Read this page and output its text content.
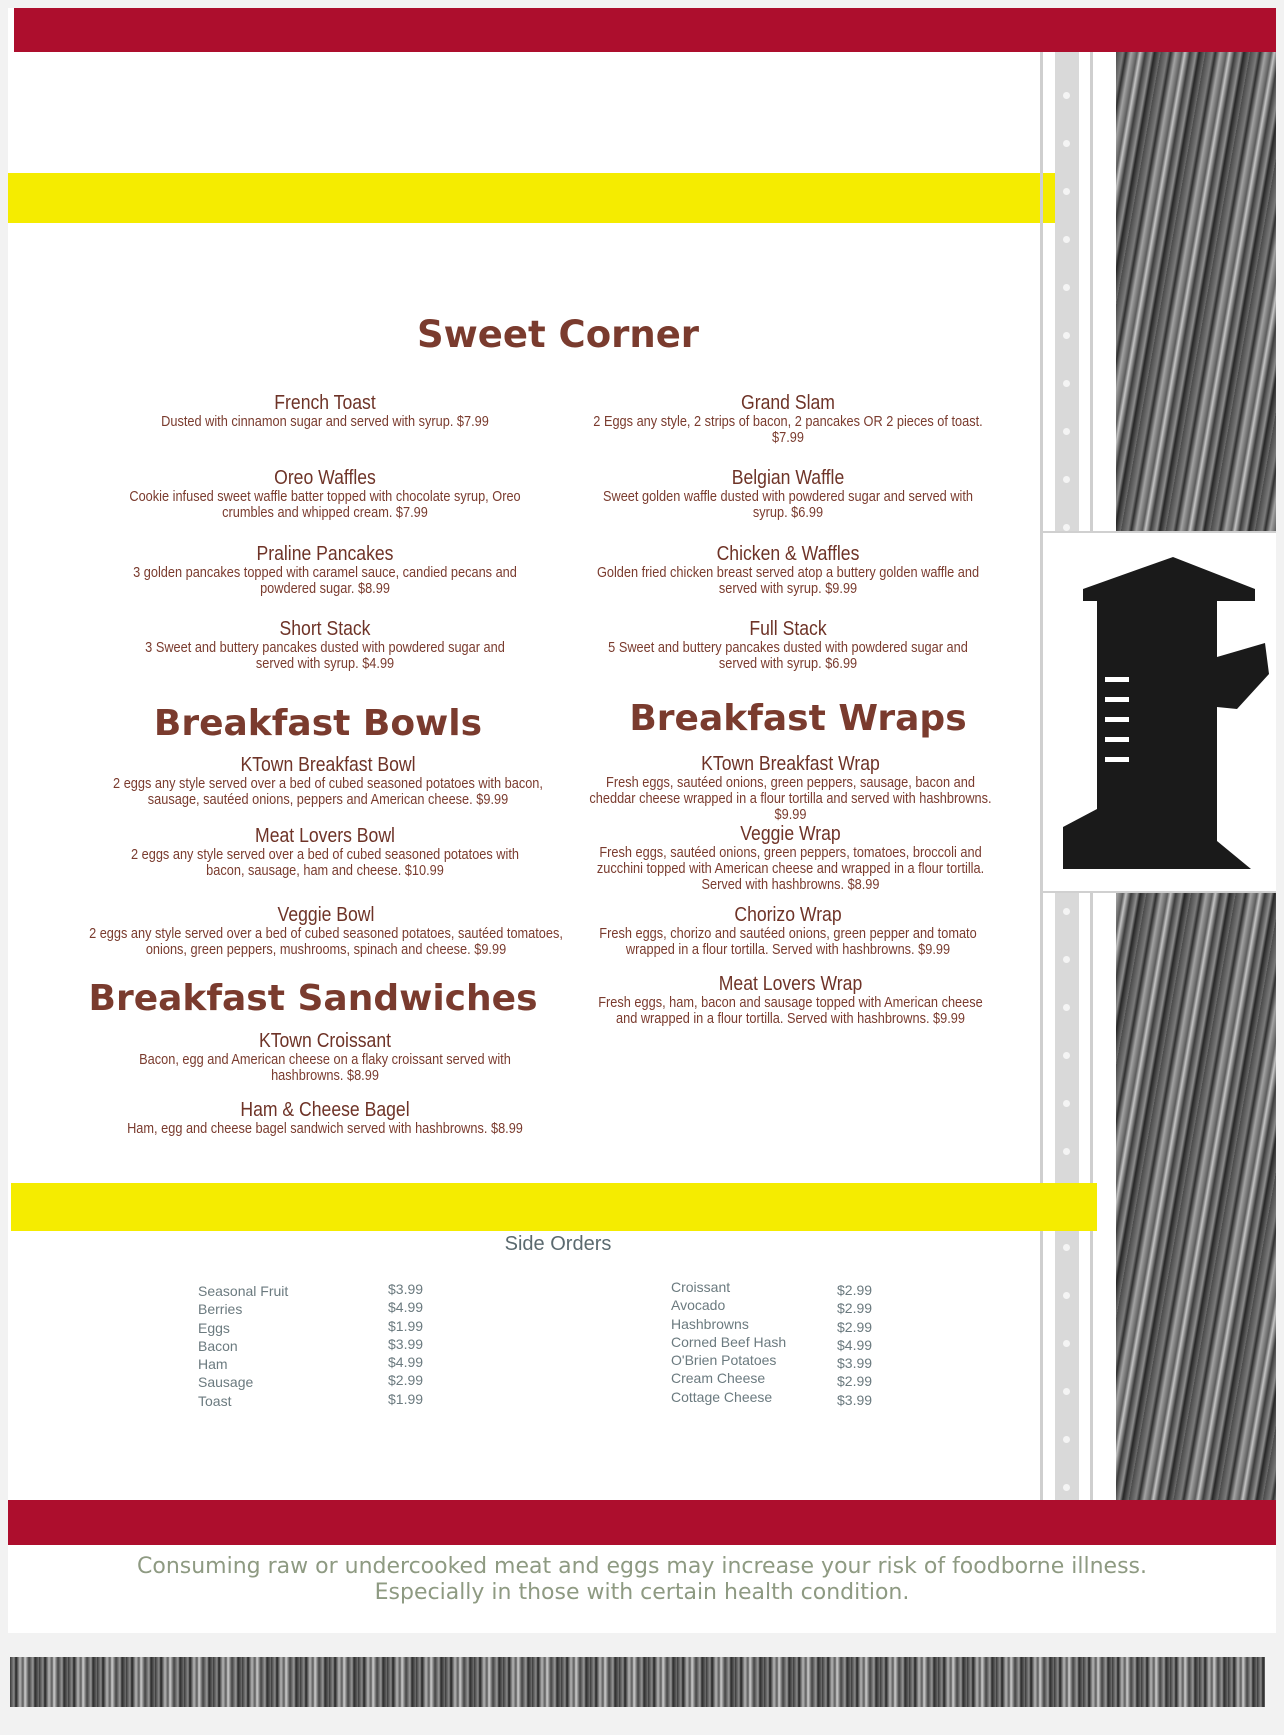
Sweet Corner
French Toast
Dusted with cinnamon sugar and served with syrup. $7.99
Grand Slam
2 Eggs any style, 2 strips of bacon, 2 pancakes OR 2 pieces of toast. $7.99
Oreo Waffles
Cookie infused sweet waffle batter topped with chocolate syrup, Oreo crumbles and whipped cream. $7.99
Belgian Waffle
Sweet golden waffle dusted with powdered sugar and served with syrup. $6.99
Praline Pancakes
3 golden pancakes topped with caramel sauce, candied pecans and powdered sugar. $8.99
Chicken & Waffles
Golden fried chicken breast served atop a buttery golden waffle and served with syrup. $9.99
Short Stack
3 Sweet and buttery pancakes dusted with powdered sugar and served with syrup. $4.99
Full Stack
5 Sweet and buttery pancakes dusted with powdered sugar and served with syrup. $6.99
Breakfast Bowls
KTown Breakfast Bowl
2 eggs any style served over a bed of cubed seasoned potatoes with bacon, sausage, sautéed onions, peppers and American cheese. $9.99
Meat Lovers Bowl
2 eggs any style served over a bed of cubed seasoned potatoes with bacon, sausage, ham and cheese. $10.99
Veggie Bowl
2 eggs any style served over a bed of cubed seasoned potatoes, sautéed tomatoes, onions, green peppers, mushrooms, spinach and cheese. $9.99
Breakfast Wraps
KTown Breakfast Wrap
Fresh eggs, sautéed onions, green peppers, sausage, bacon and cheddar cheese wrapped in a flour tortilla and served with hashbrowns. $9.99
Veggie Wrap
Fresh eggs, sautéed onions, green peppers, tomatoes, broccoli and zucchini topped with American cheese and wrapped in a flour tortilla. Served with hashbrowns. $8.99
Chorizo Wrap
Fresh eggs, chorizo and sautéed onions, green pepper and tomato wrapped in a flour tortilla. Served with hashbrowns. $9.99
Meat Lovers Wrap
Fresh eggs, ham, bacon and sausage topped with American cheese and wrapped in a flour tortilla. Served with hashbrowns. $9.99
Breakfast Sandwiches
KTown Croissant
Bacon, egg and American cheese on a flaky croissant served with hashbrowns. $8.99
Ham & Cheese Bagel
Ham, egg and cheese bagel sandwich served with hashbrowns. $8.99
Side Orders
Seasonal Fruit
Berries
Eggs
Bacon
Ham
Sausage
Toast
$3.99
$4.99
$1.99
$3.99
$4.99
$2.99
$1.99
Croissant
Avocado
Hashbrowns
Corned Beef Hash
O'Brien Potatoes
Cream Cheese
Cottage Cheese
$2.99
$2.99
$2.99
$4.99
$3.99
$2.99
$3.99
Consuming raw or undercooked meat and eggs may increase your risk of foodborne illness.
Especially in those with certain health condition.
